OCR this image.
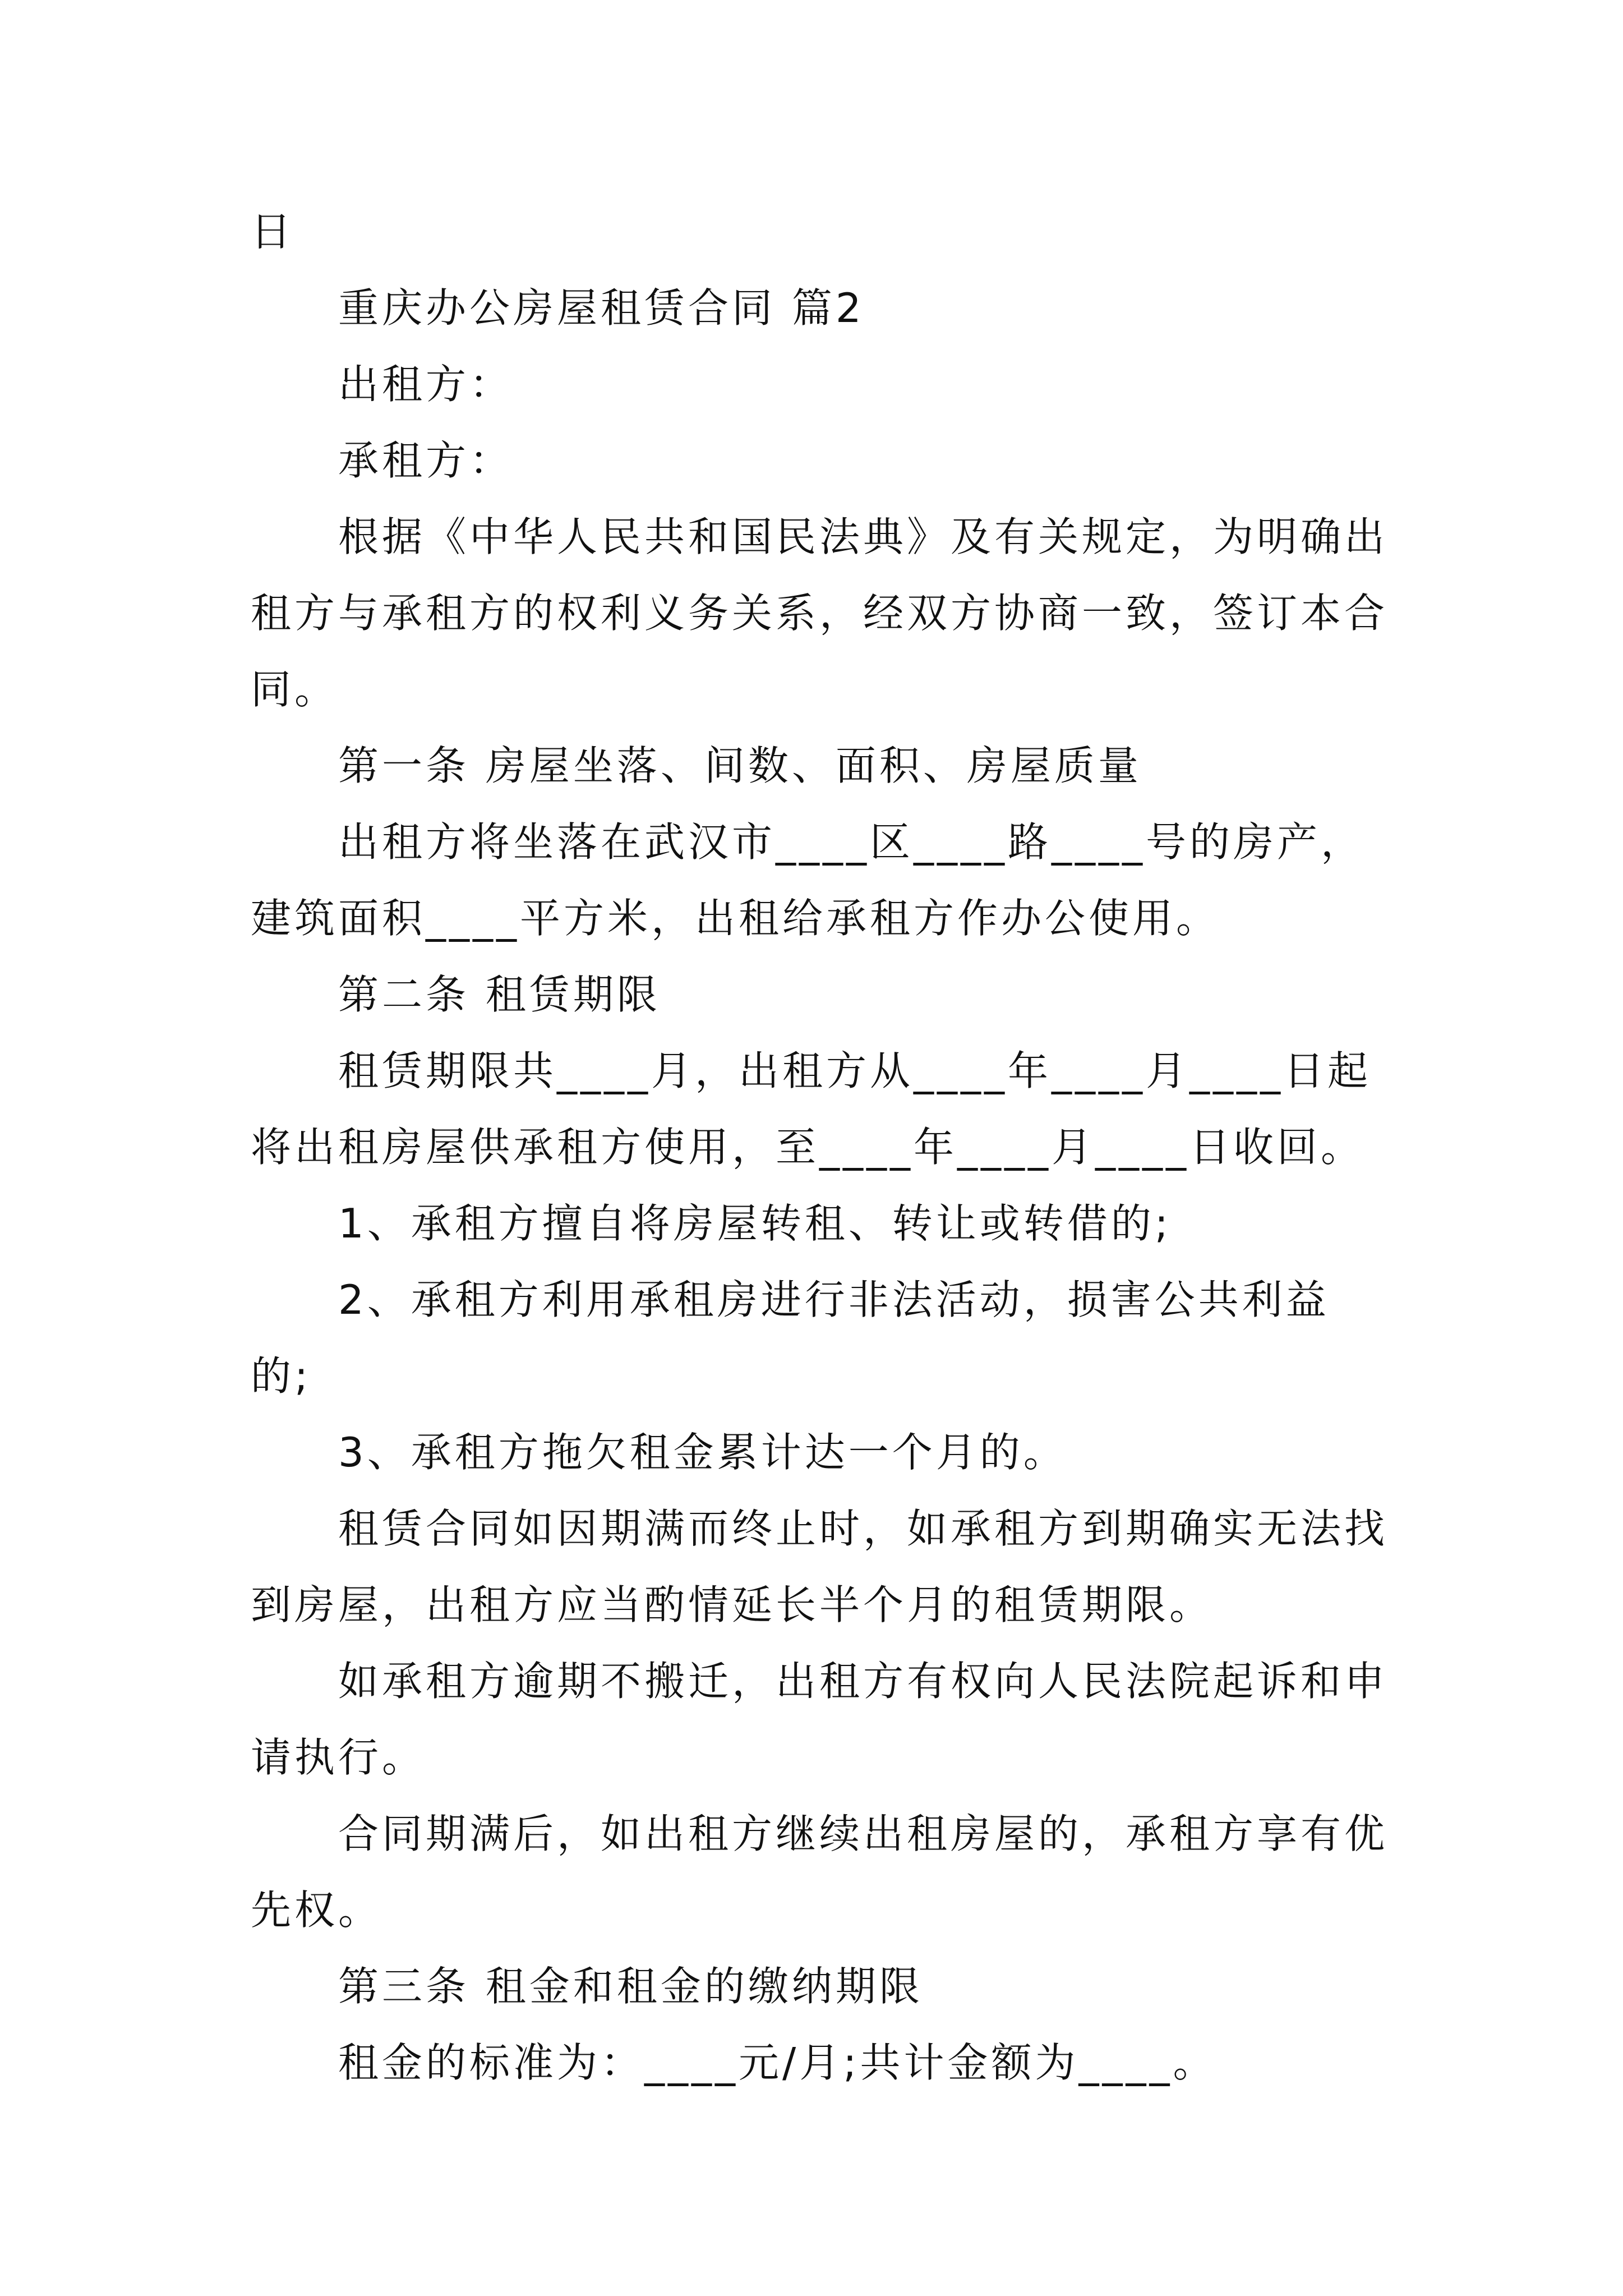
日

重庆办公房屋租赁合同 篇2

出租方：

承租方：

根据《中华人民共和国民法典》及有关规定，为明确出租方与承租方的权利义务关系，经双方协商一致，签订本合同。

第一条 房屋坐落、间数、面积、房屋质量

出租方将坐落在武汉市____区____路____号的房产，建筑面积____平方米，出租给承租方作办公使用。

第二条 租赁期限

租赁期限共____月，出租方从____年____月____日起将出租房屋供承租方使用，至____年____月____日收回。

1、承租方擅自将房屋转租、转让或转借的;

2、承租方利用承租房进行非法活动，损害公共利益的;

3、承租方拖欠租金累计达一个月的。

租赁合同如因期满而终止时，如承租方到期确实无法找到房屋，出租方应当酌情延长半个月的租赁期限。

如承租方逾期不搬迁，出租方有权向人民法院起诉和申请执行。

合同期满后，如出租方继续出租房屋的，承租方享有优先权。

第三条 租金和租金的缴纳期限

租金的标准为：____元/月;共计金额为____。
